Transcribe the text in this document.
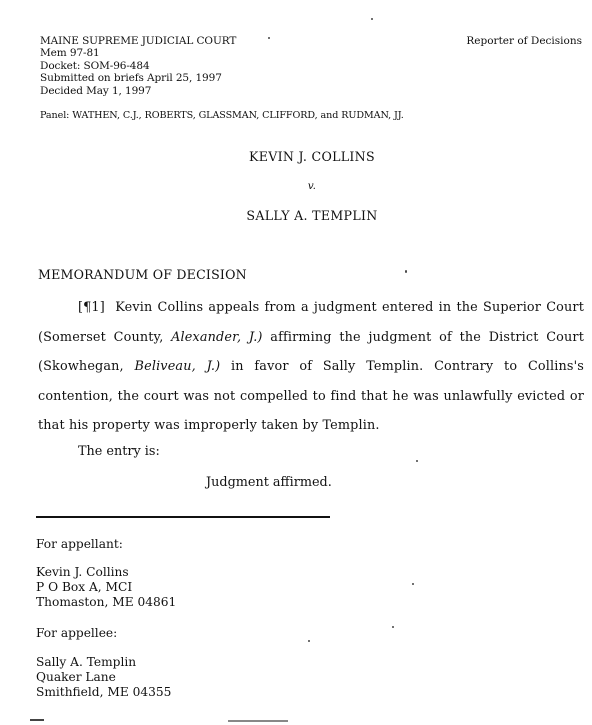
MAINE SUPREME JUDICIAL COURT
Mem 97-81
Docket: SOM-96-484
Submitted on briefs April 25, 1997
Decided May 1, 1997
Reporter of Decisions
Panel: WATHEN, C.J., ROBERTS, GLASSMAN, CLIFFORD, and RUDMAN, JJ.
KEVIN J. COLLINS
v.
SALLY A. TEMPLIN
MEMORANDUM OF DECISION

[¶1] Kevin Collins appeals from a judgment entered in the Superior Court (Somerset County, Alexander, J.) affirming the judgment of the District Court (Skowhegan, Beliveau, J.) in favor of Sally Templin. Contrary to Collins's contention, the court was not compelled to find that he was unlawfully evicted or that his property was improperly taken by Templin.

The entry is:
Judgment affirmed.
For appellant:
Kevin J. Collins
P O Box A, MCI
Thomaston, ME 04861
For appellee:
Sally A. Templin
Quaker Lane
Smithfield, ME 04355
